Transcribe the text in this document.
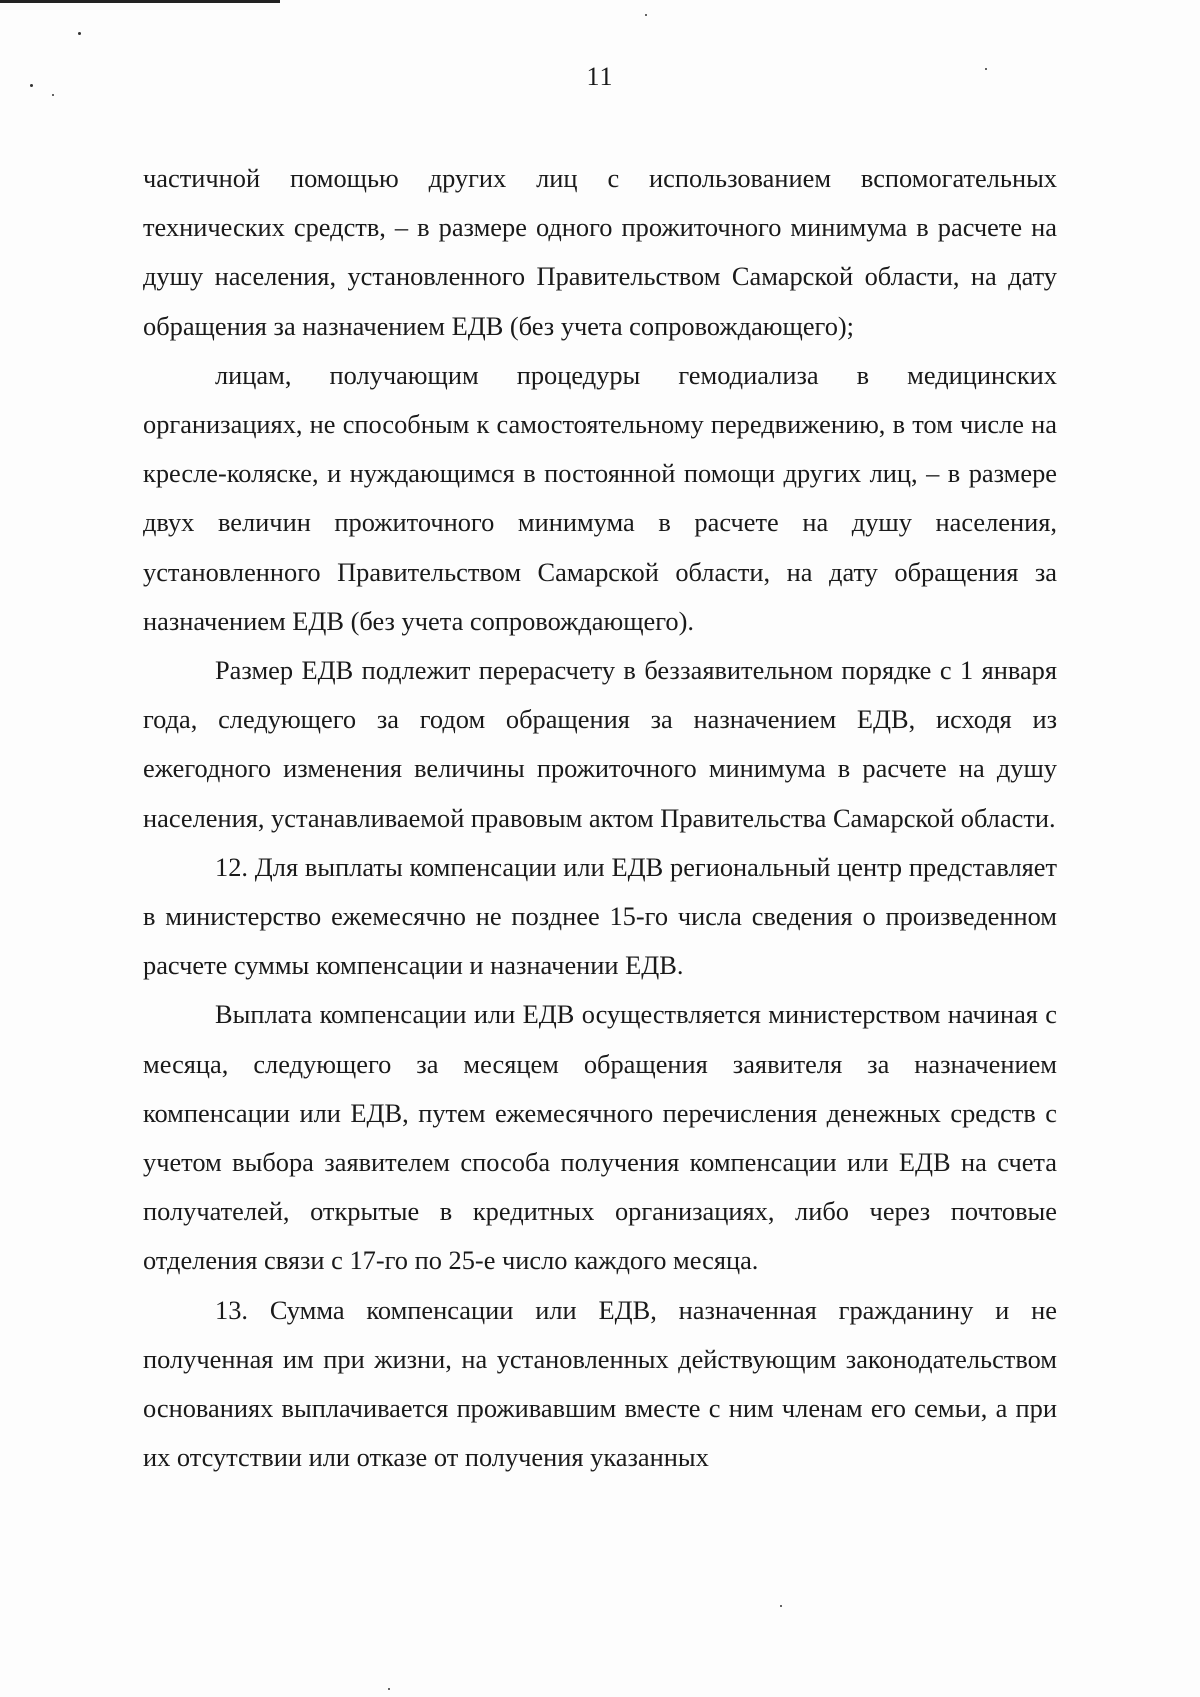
11

частичной помощью других лиц с использованием вспомогательных технических средств, – в размере одного прожиточного минимума в расчете на душу населения, установленного Правительством Самарской области, на дату обращения за назначением ЕДВ (без учета сопровождающего);

лицам, получающим процедуры гемодиализа в медицинских организациях, не способным к самостоятельному передвижению, в том числе на кресле-коляске, и нуждающимся в постоянной помощи других лиц, – в размере двух величин прожиточного минимума в расчете на душу населения, установленного Правительством Самарской области, на дату обращения за назначением ЕДВ (без учета сопровождающего).

Размер ЕДВ подлежит перерасчету в беззаявительном порядке с 1 января года, следующего за годом обращения за назначением ЕДВ, исходя из ежегодного изменения величины прожиточного минимума в расчете на душу населения, устанавливаемой правовым актом Правительства Самарской области.

12. Для выплаты компенсации или ЕДВ региональный центр представляет в министерство ежемесячно не позднее 15-го числа сведения о произведенном расчете суммы компенсации и назначении ЕДВ.

Выплата компенсации или ЕДВ осуществляется министерством начиная с месяца, следующего за месяцем обращения заявителя за назначением компенсации или ЕДВ, путем ежемесячного перечисления денежных средств с учетом выбора заявителем способа получения компенсации или ЕДВ на счета получателей, открытые в кредитных организациях, либо через почтовые отделения связи с 17-го по 25-е число каждого месяца.

13. Сумма компенсации или ЕДВ, назначенная гражданину и не полученная им при жизни, на установленных действующим законодательством основаниях выплачивается проживавшим вместе с ним членам его семьи, а при их отсутствии или отказе от получения указанных
